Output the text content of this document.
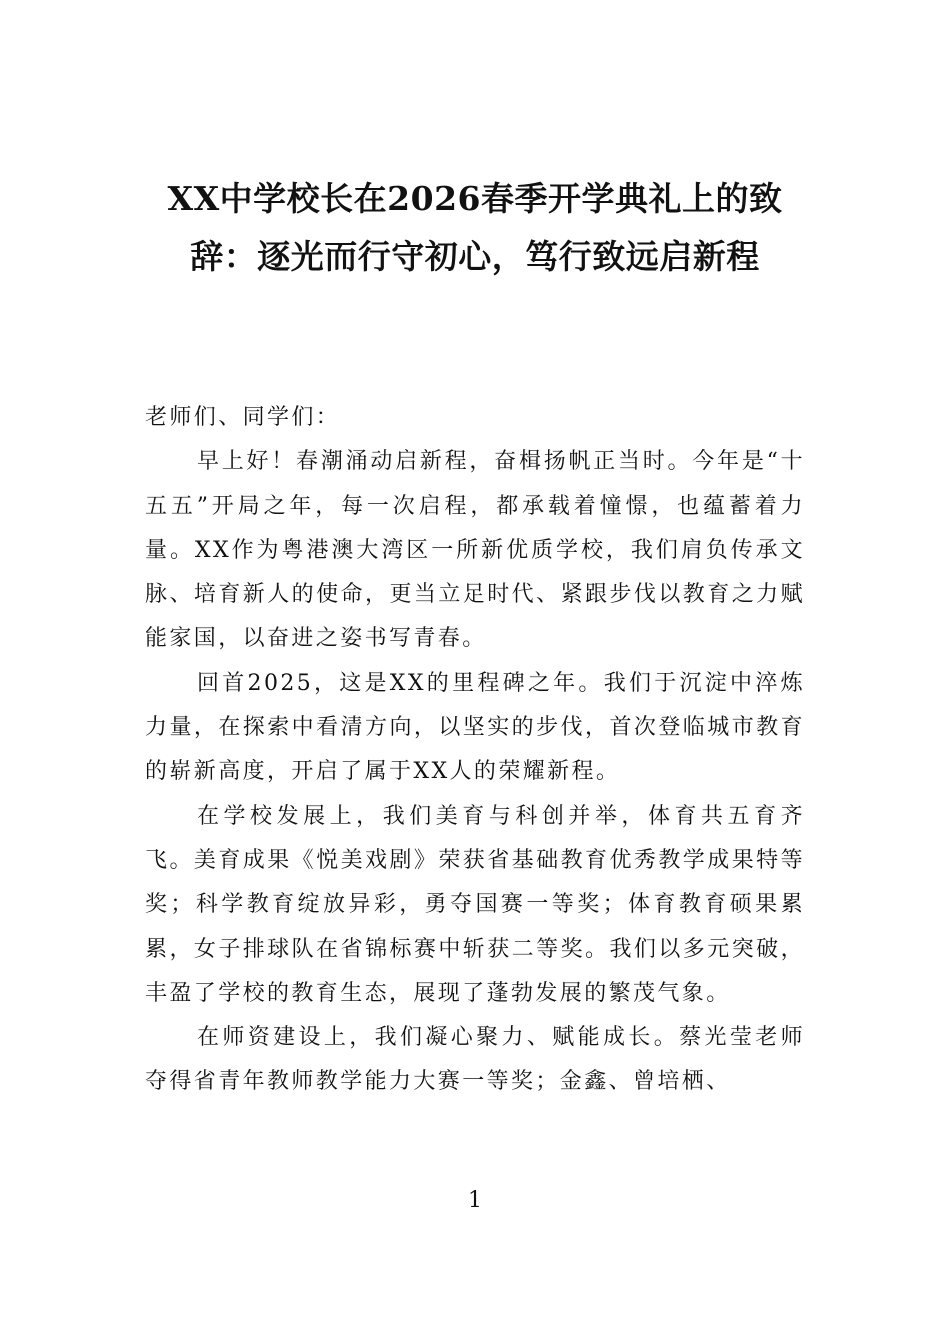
XX中学校长在2026春季开学典礼上的致
辞：逐光而行守初心，笃行致远启新程

老师们、同学们：

早上好！春潮涌动启新程，奋楫扬帆正当时。今年是“十五五”开局之年，每一次启程，都承载着憧憬，也蕴蓄着力量。XX作为粤港澳大湾区一所新优质学校，我们肩负传承文脉、培育新人的使命，更当立足时代、紧跟步伐以教育之力赋能家国，以奋进之姿书写青春。

回首2025，这是XX的里程碑之年。我们于沉淀中淬炼力量，在探索中看清方向，以坚实的步伐，首次登临城市教育的崭新高度，开启了属于XX人的荣耀新程。

在学校发展上，我们美育与科创并举，体育共五育齐飞。美育成果《悦美戏剧》荣获省基础教育优秀教学成果特等奖；科学教育绽放异彩，勇夺国赛一等奖；体育教育硕果累累，女子排球队在省锦标赛中斩获二等奖。我们以多元突破，丰盈了学校的教育生态，展现了蓬勃发展的繁茂气象。

在师资建设上，我们凝心聚力、赋能成长。蔡光莹老师夺得省青年教师教学能力大赛一等奖；金鑫、曾培栖、

1
